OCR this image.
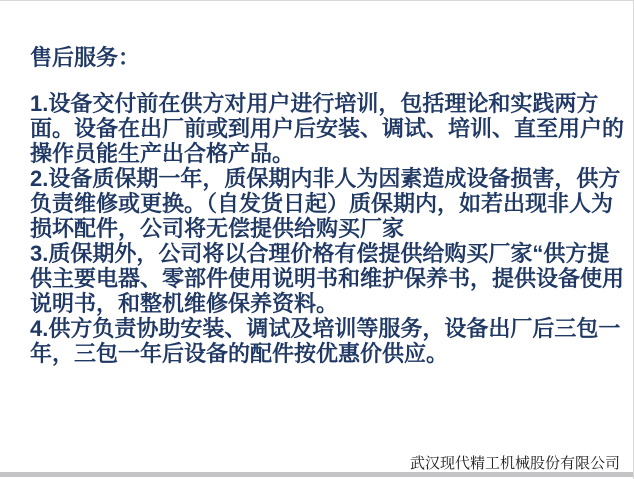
售后服务：

1.设备交付前在供方对用户进行培训，包括理论和实践两方面。设备在出厂前或到用户后安装、调试、培训、直至用户的操作员能生产出合格产品。

2.设备质保期一年，质保期内非人为因素造成设备损害，供方负责维修或更换。（自发货日起）质保期内，如若出现非人为损坏配件，公司将无偿提供给购买厂家

3.质保期外，公司将以合理价格有偿提供给购买厂家“供方提供主要电器、零部件使用说明书和维护保养书，提供设备使用说明书，和整机维修保养资料。

4.供方负责协助安装、调试及培训等服务，设备出厂后三包一年，三包一年后设备的配件按优惠价供应。

武汉现代精工机械股份有限公司
